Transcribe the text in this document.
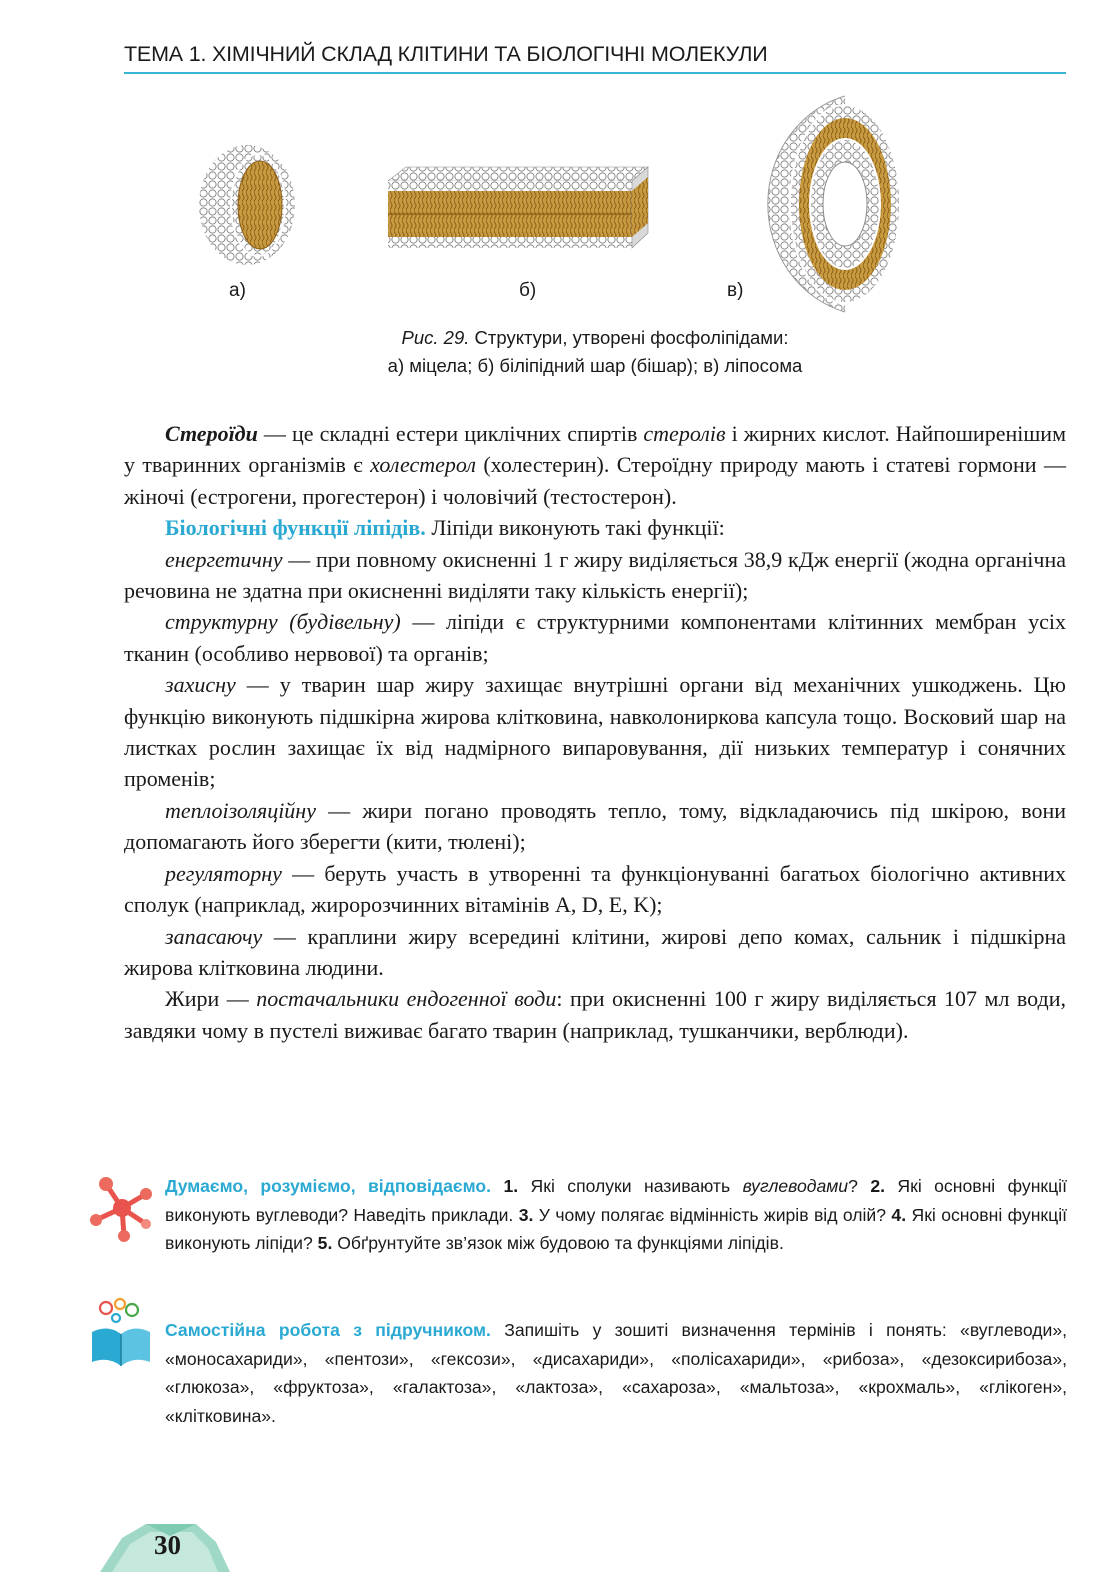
ТЕМА 1. ХІМІЧНИЙ СКЛАД КЛІТИНИ ТА БІОЛОГІЧНІ МОЛЕКУЛИ
а)	б)	в)
Рис. 29. Структури, утворені фосфоліпідами:
а) міцела; б) біліпідний шар (бішар); в) ліпосома

Стероїди — це складні естери циклічних спиртів стеролів і жирних кислот. Найпоширенішим у тваринних організмів є холестерол (холестерин). Стероїдну природу мають і статеві гормони — жіночі (естрогени, прогестерон) і чоловічий (тестостерон).

Біологічні функції ліпідів. Ліпіди виконують такі функції:

енергетичну — при повному окисненні 1 г жиру виділяється 38,9 кДж енергії (жодна органічна речовина не здатна при окисненні виділяти таку кількість енергії);

структурну (будівельну) — ліпіди є структурними компонентами клітинних мембран усіх тканин (особливо нервової) та органів;

захисну — у тварин шар жиру захищає внутрішні органи від механічних ушкоджень. Цю функцію виконують підшкірна жирова клітковина, навколониркова капсула тощо. Восковий шар на листках рослин захищає їх від надмірного випаровування, дії низьких температур і сонячних променів;

теплоізоляційну — жири погано проводять тепло, тому, відкладаючись під шкірою, вони допомагають його зберегти (кити, тюлені);

регуляторну — беруть участь в утворенні та функціонуванні багатьох біологічно активних сполук (наприклад, жиророзчинних вітамінів A, D, E, K);

запасаючу — краплини жиру всередині клітини, жирові депо комах, сальник і підшкірна жирова клітковина людини.

Жири — постачальники ендогенної води: при окисненні 100 г жиру виділяється 107 мл води, завдяки чому в пустелі виживає багато тварин (наприклад, тушканчики, верблюди).

Думаємо, розуміємо, відповідаємо. 1. Які сполуки називають вуглеводами? 2. Які основні функції виконують вуглеводи? Наведіть приклади. 3. У чому полягає відмінність жирів від олій? 4. Які основні функції виконують ліпіди? 5. Обґрунтуйте зв’язок між будовою та функціями ліпідів.

Самостійна робота з підручником. Запишіть у зошиті визначення термінів і понять: «вуглеводи», «моносахариди», «пентози», «гексози», «дисахариди», «полісахариди», «рибоза», «дезоксирибоза», «глюкоза», «фруктоза», «галактоза», «лактоза», «сахароза», «мальтоза», «крохмаль», «глікоген», «клітковина».

30
